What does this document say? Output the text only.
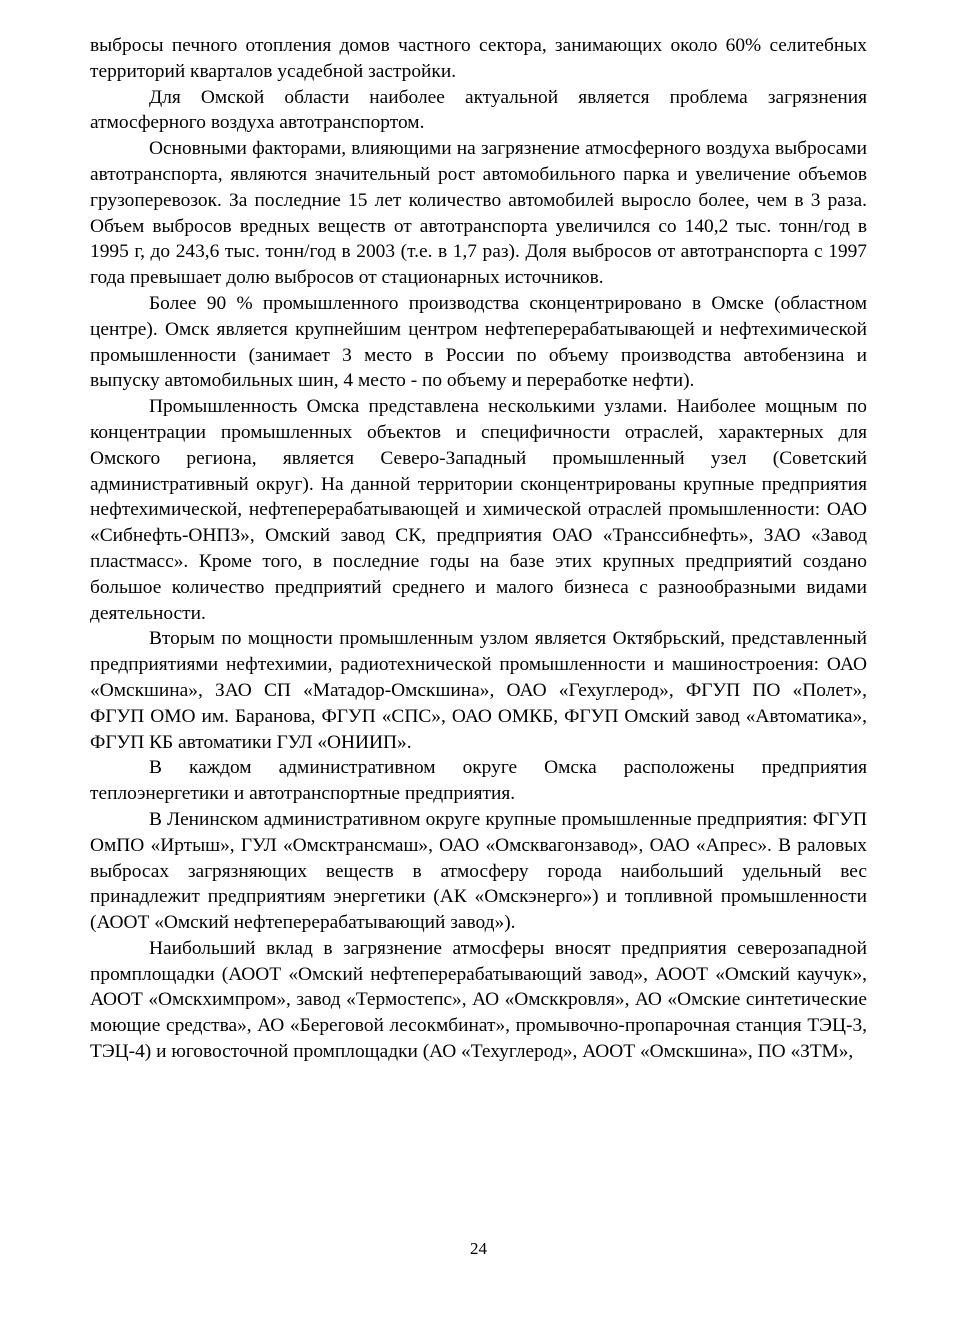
выбросы печного отопления домов частного сектора, занимающих около 60% селитебных территорий кварталов усадебной застройки.

Для Омской области наиболее актуальной является проблема загрязнения атмосферного воздуха автотранспортом.

Основными факторами, влияющими на загрязнение атмосферного воздуха выбросами автотранспорта, являются значительный рост автомобильного парка и увеличение объемов грузоперевозок. За последние 15 лет количество автомобилей выросло более, чем в 3 раза. Объем выбросов вредных веществ от автотранспорта увеличился со 140,2 тыс. тонн/год в 1995 г, до 243,6 тыс. тонн/год в 2003 (т.е. в 1,7 раз). Доля выбросов от автотранспорта с 1997 года превышает долю выбросов от стационарных источников.

Более 90 % промышленного производства сконцентрировано в Омске (областном центре). Омск является крупнейшим центром нефтеперерабатывающей и нефтехимической промышленности (занимает 3 место в России по объему производства автобензина и выпуску автомобильных шин, 4 место - по объему и переработке нефти).

Промышленность Омска представлена несколькими узлами. Наиболее мощным по концентрации промышленных объектов и специфичности отраслей, характерных для Омского региона, является Северо-Западный промышленный узел (Советский административный округ). На данной территории сконцентрированы крупные предприятия нефтехимической, нефтеперерабатывающей и химической отраслей промышленности: ОАО «Сибнефть-ОНПЗ», Омский завод СК, предприятия ОАО «Транссибнефть», ЗАО «Завод пластмасс». Кроме того, в последние годы на базе этих крупных предприятий создано большое количество предприятий среднего и малого бизнеса с разнообразными видами деятельности.

Вторым по мощности промышленным узлом является Октябрьский, представленный предприятиями нефтехимии, радиотехнической промышленности и машиностроения: ОАО «Омскшина», ЗАО СП «Матадор-Омскшина», ОАО «Гехуглерод», ФГУП ПО «Полет», ФГУП ОМО им. Баранова, ФГУП «СПС», ОАО ОМКБ, ФГУП Омский завод «Автоматика», ФГУП КБ автоматики ГУЛ «ОНИИП».

В каждом административном округе Омска расположены предприятия теплоэнергетики и автотранспортные предприятия.

В Ленинском административном округе крупные промышленные предприятия: ФГУП ОмПО «Иртыш», ГУЛ «Омсктрансмаш», ОАО «Омсквагонзавод», ОАО «Апрес». В раловых выбросах загрязняющих веществ в атмосферу города наибольший удельный вес принадлежит предприятиям энергетики (АК «Омскэнерго») и топливной промышленности (АООТ «Омский нефтеперерабатывающий завод»).

Наибольший вклад в загрязнение атмосферы вносят предприятия северозападной промплощадки (АООТ «Омский нефтеперерабатывающий завод», АООТ «Омский каучук», АООТ «Омскхимпром», завод «Термостепс», АО «Омсккровля», АО «Омские синтетические моющие средства», АО «Береговой лесокмбинат», промывочно-пропарочная станция ТЭЦ-3, ТЭЦ-4) и юговосточной промплощадки (АО «Техуглерод», АООТ «Омскшина», ПО «ЗТМ»,

24
